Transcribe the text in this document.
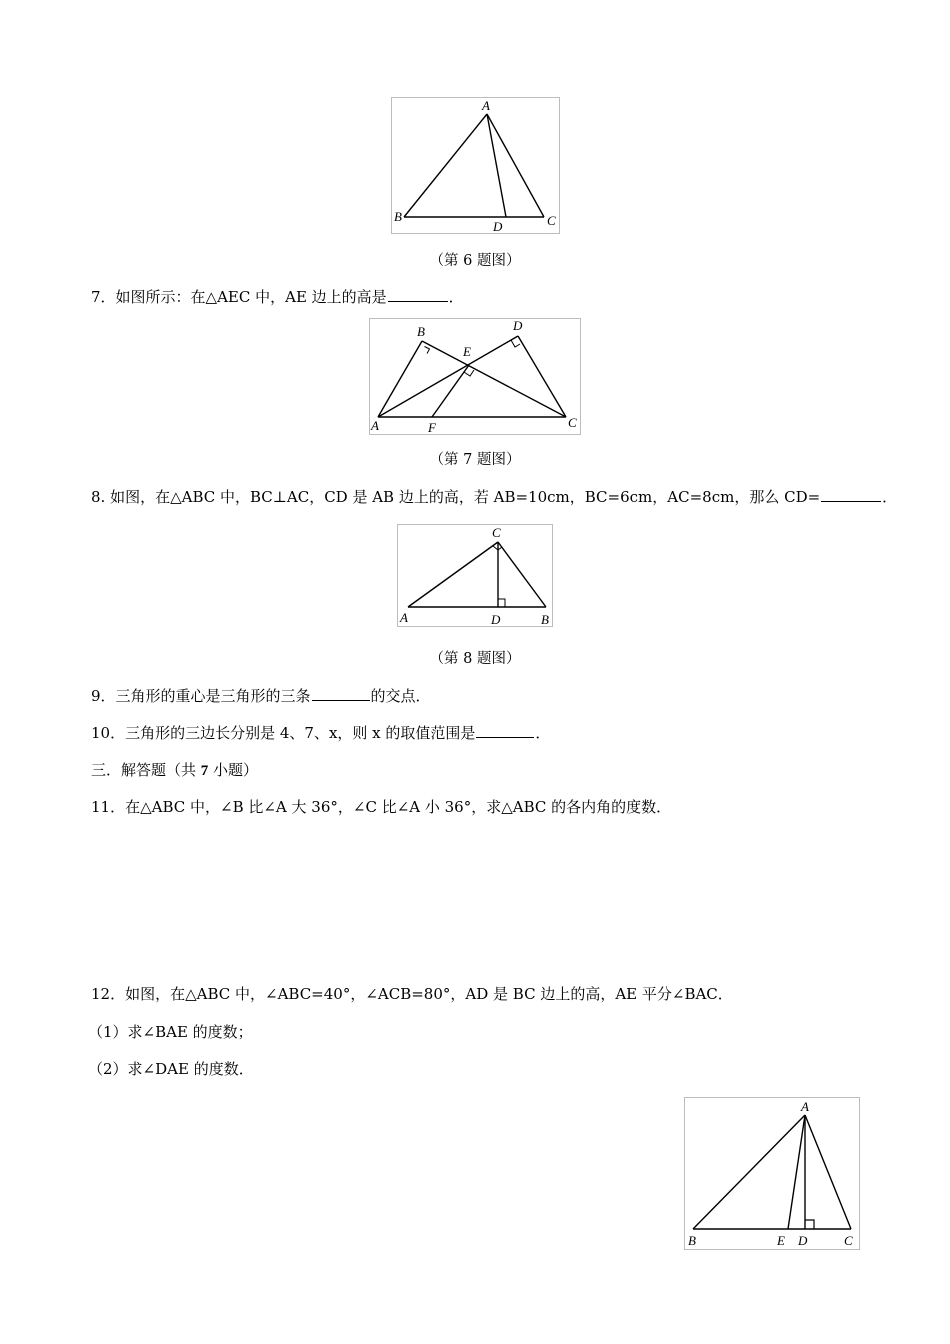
A
B	C
D
（第 6 题图）
7．如图所示：在△AEC 中，AE 边上的高是	．
B	D
E
A	F	C
（第 7 题图）
8. 如图，在△ABC 中，BC⊥AC，CD 是 AB 边上的高，若 AB=10cm，BC=6cm，AC=8cm，那么 CD=	．
C
A	D	B
（第 8 题图）
9．三角形的重心是三角形的三条	的交点．
10．三角形的三边长分别是 4、7、x，则 x 的取值范围是	．
三．解答题（共 7 小题）
11．在△ABC 中，∠B 比∠A 大 36°，∠C 比∠A 小 36°，求△ABC 的各内角的度数．
12．如图，在△ABC 中，∠ABC=40°，∠ACB=80°，AD 是 BC 边上的高，AE 平分∠BAC．
（1）求∠BAE 的度数；
（2）求∠DAE 的度数．
A
B	E D	C
